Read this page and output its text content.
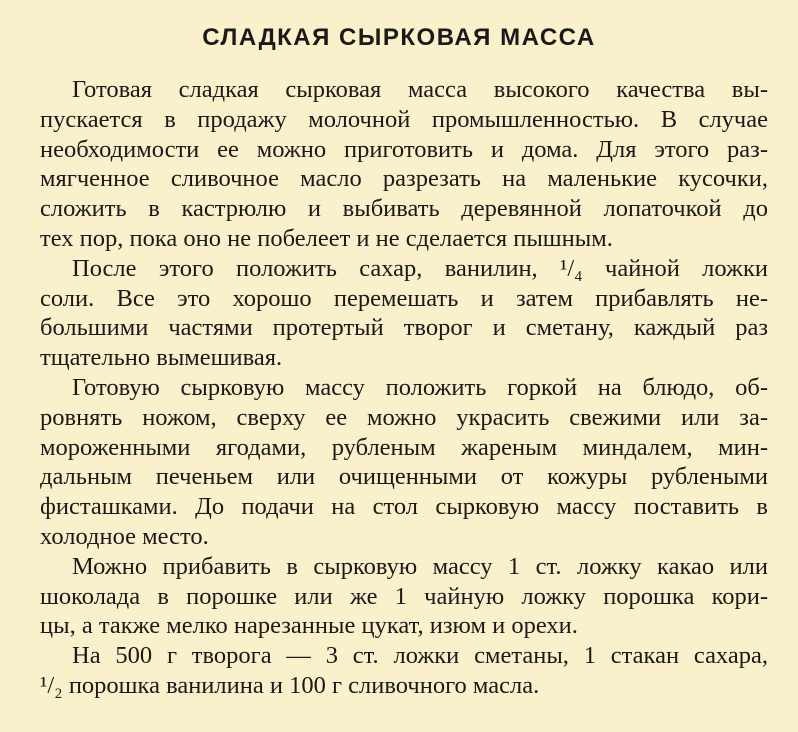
СЛАДКАЯ СЫРКОВАЯ МАССА
Готовая сладкая сырковая масса высокого качества вы-
пускается в продажу молочной промышленностью. В случае
необходимости ее можно приготовить и дома. Для этого раз-
мягченное сливочное масло разрезать на маленькие кусочки,
сложить в кастрюлю и выбивать деревянной лопаточкой до
тех пор, пока оно не побелеет и не сделается пышным.
После этого положить сахар, ванилин, ¹/₄ чайной ложки
соли. Все это хорошо перемешать и затем прибавлять не-
большими частями протертый творог и сметану, каждый раз
тщательно вымешивая.
Готовую сырковую массу положить горкой на блюдо, об-
ровнять ножом, сверху ее можно украсить свежими или за-
мороженными ягодами, рубленым жареным миндалем, мин-
дальным печеньем или очищенными от кожуры рублеными
фисташками. До подачи на стол сырковую массу поставить в
холодное место.
Можно прибавить в сырковую массу 1 ст. ложку какао или
шоколада в порошке или же 1 чайную ложку порошка кори-
цы, а также мелко нарезанные цукат, изюм и орехи.
На 500 г творога — 3 ст. ложки сметаны, 1 стакан сахара,
¹/₂ порошка ванилина и 100 г сливочного масла.
